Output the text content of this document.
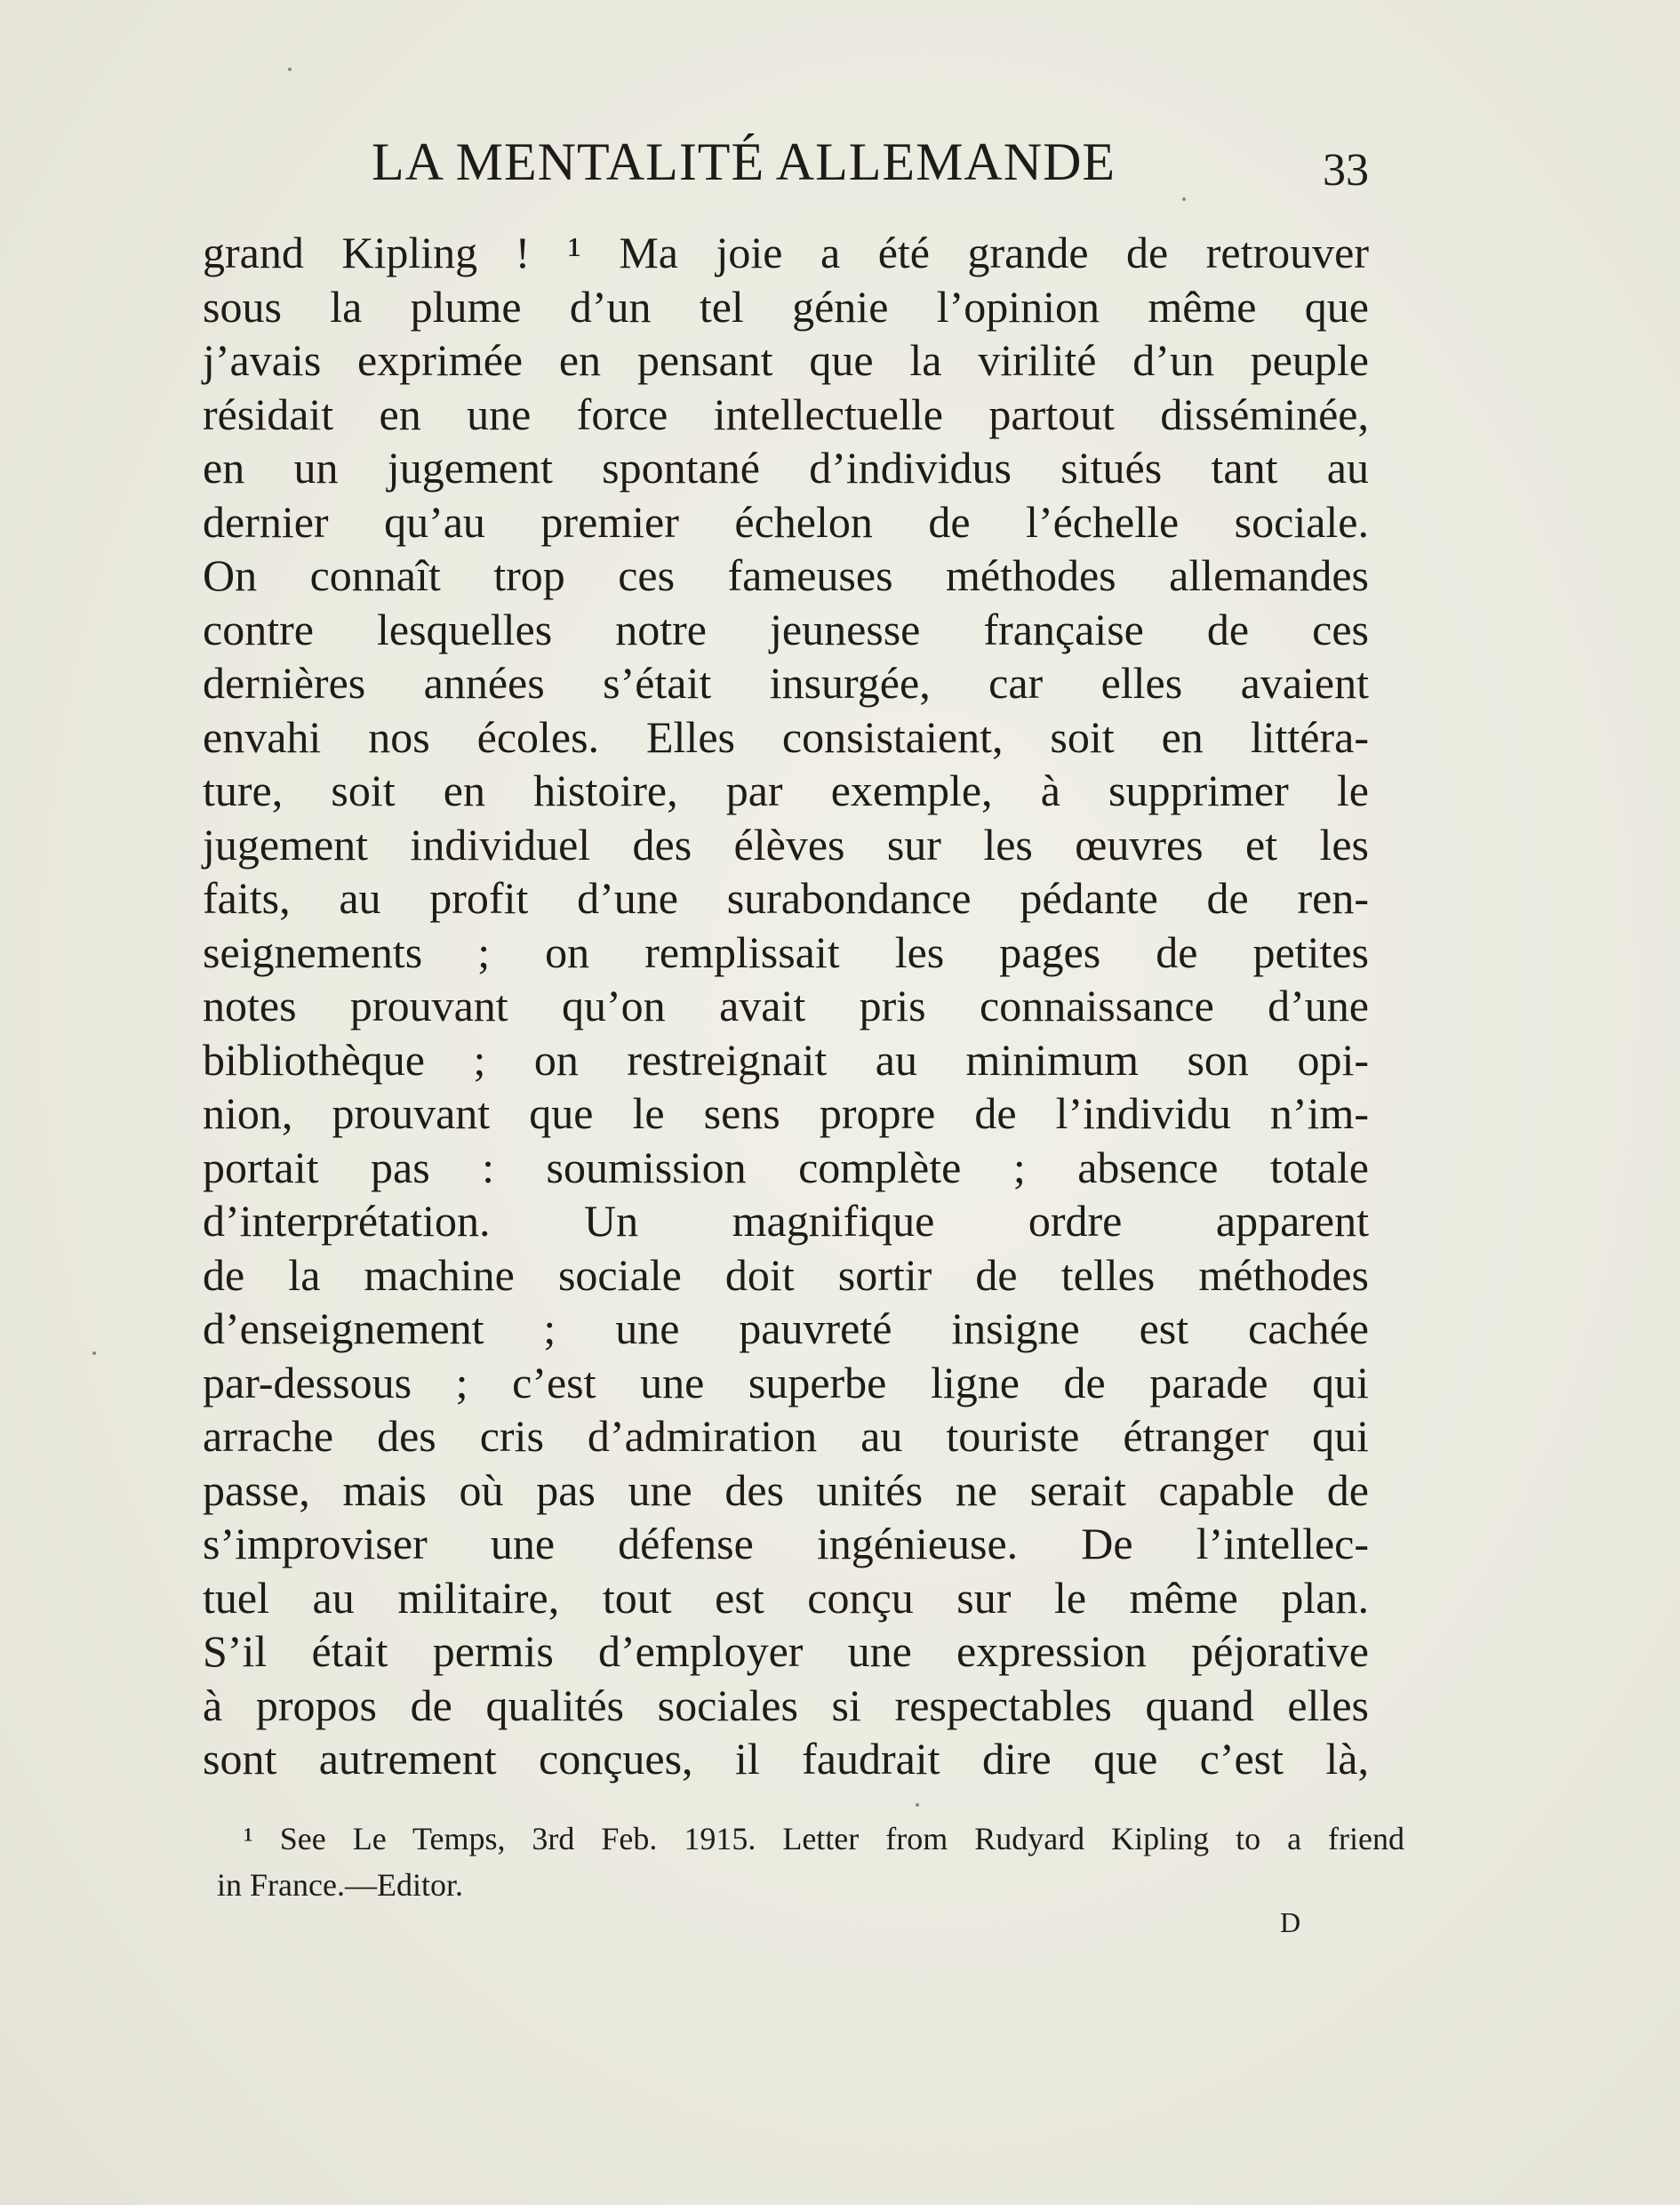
LA MENTALITÉ ALLEMANDE	33
grand Kipling ! ¹ Ma joie a été grande de retrouver
sous la plume d’un tel génie l’opinion même que
j’avais exprimée en pensant que la virilité d’un peuple
résidait en une force intellectuelle partout disséminée,
en un jugement spontané d’individus situés tant au
dernier qu’au premier échelon de l’échelle sociale.
On connaît trop ces fameuses méthodes allemandes
contre lesquelles notre jeunesse française de ces
dernières années s’était insurgée, car elles avaient
envahi nos écoles. Elles consistaient, soit en littéra-
ture, soit en histoire, par exemple, à supprimer le
jugement individuel des élèves sur les œuvres et les
faits, au profit d’une surabondance pédante de ren-
seignements ; on remplissait les pages de petites
notes prouvant qu’on avait pris connaissance d’une
bibliothèque ; on restreignait au minimum son opi-
nion, prouvant que le sens propre de l’individu n’im-
portait pas : soumission complète ; absence totale
d’interprétation. Un magnifique ordre apparent
de la machine sociale doit sortir de telles méthodes
d’enseignement ; une pauvreté insigne est cachée
par-dessous ; c’est une superbe ligne de parade qui
arrache des cris d’admiration au touriste étranger qui
passe, mais où pas une des unités ne serait capable de
s’improviser une défense ingénieuse. De l’intellec-
tuel au militaire, tout est conçu sur le même plan.
S’il était permis d’employer une expression péjorative
à propos de qualités sociales si respectables quand elles
sont autrement conçues, il faudrait dire que c’est là,
¹ See Le Temps, 3rd Feb. 1915. Letter from Rudyard Kipling to a friend
in France.—Editor.
D
